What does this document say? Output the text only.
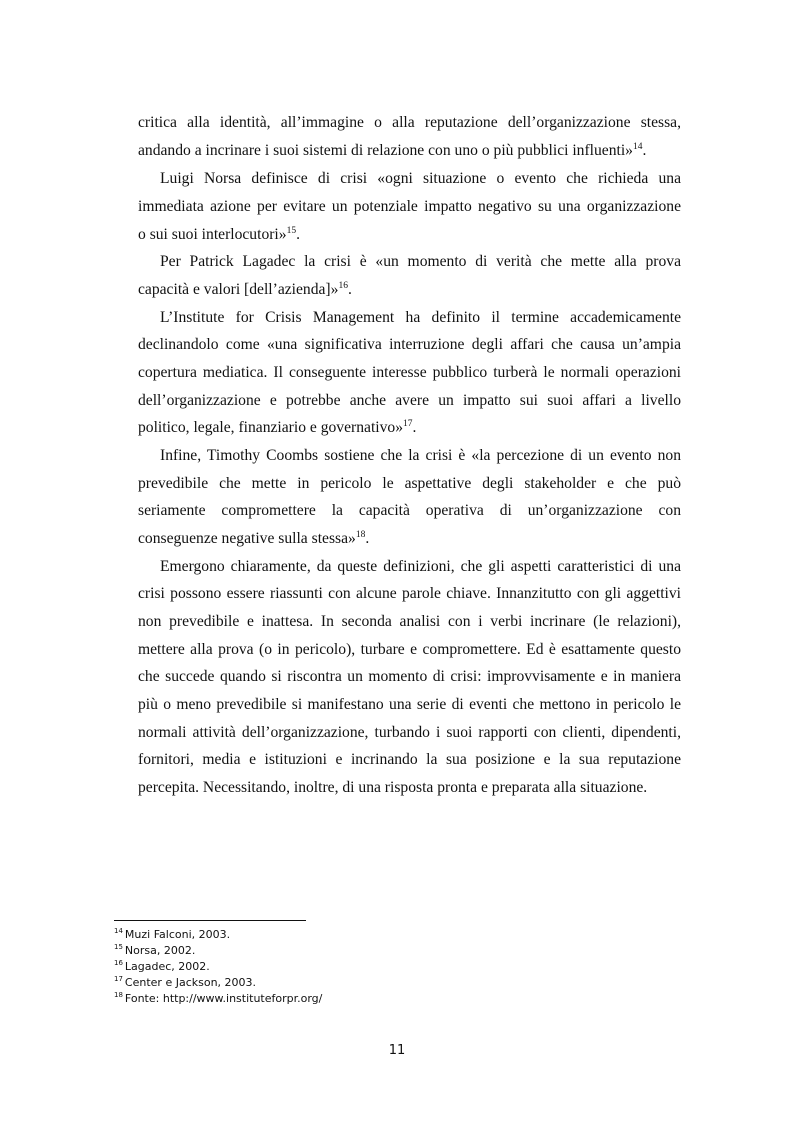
critica alla identità, all’immagine o alla reputazione dell’organizzazione stessa,
andando a incrinare i suoi sistemi di relazione con uno o più pubblici influenti»$^{14}$.
Luigi Norsa definisce di crisi «ogni situazione o evento che richieda una
immediata azione per evitare un potenziale impatto negativo su una organizzazione
o sui suoi interlocutori»$^{15}$.
Per Patrick Lagadec la crisi è «un momento di verità che mette alla prova
capacità e valori [dell’azienda]»$^{16}$.
L’Institute for Crisis Management ha definito il termine accademicamente
declinandolo come «una significativa interruzione degli affari che causa un’ampia
copertura mediatica. Il conseguente interesse pubblico turberà le normali operazioni
dell’organizzazione e potrebbe anche avere un impatto sui suoi affari a livello
politico, legale, finanziario e governativo»$^{17}$.
Infine, Timothy Coombs sostiene che la crisi è «la percezione di un evento non
prevedibile che mette in pericolo le aspettative degli stakeholder e che può
seriamente compromettere la capacità operativa di un’organizzazione con
conseguenze negative sulla stessa»$^{18}$.
Emergono chiaramente, da queste definizioni, che gli aspetti caratteristici di una
crisi possono essere riassunti con alcune parole chiave. Innanzitutto con gli aggettivi
non prevedibile e inattesa. In seconda analisi con i verbi incrinare (le relazioni),
mettere alla prova (o in pericolo), turbare e compromettere. Ed è esattamente questo
che succede quando si riscontra un momento di crisi: improvvisamente e in maniera
più o meno prevedibile si manifestano una serie di eventi che mettono in pericolo le
normali attività dell’organizzazione, turbando i suoi rapporti con clienti, dipendenti,
fornitori, media e istituzioni e incrinando la sua posizione e la sua reputazione
percepita. Necessitando, inoltre, di una risposta pronta e preparata alla situazione.
$^{14}$ Muzi Falconi, 2003.
$^{15}$ Norsa, 2002.
$^{16}$ Lagadec, 2002.
$^{17}$ Center e Jackson, 2003.
$^{18}$ Fonte: http://www.instituteforpr.org/
11
